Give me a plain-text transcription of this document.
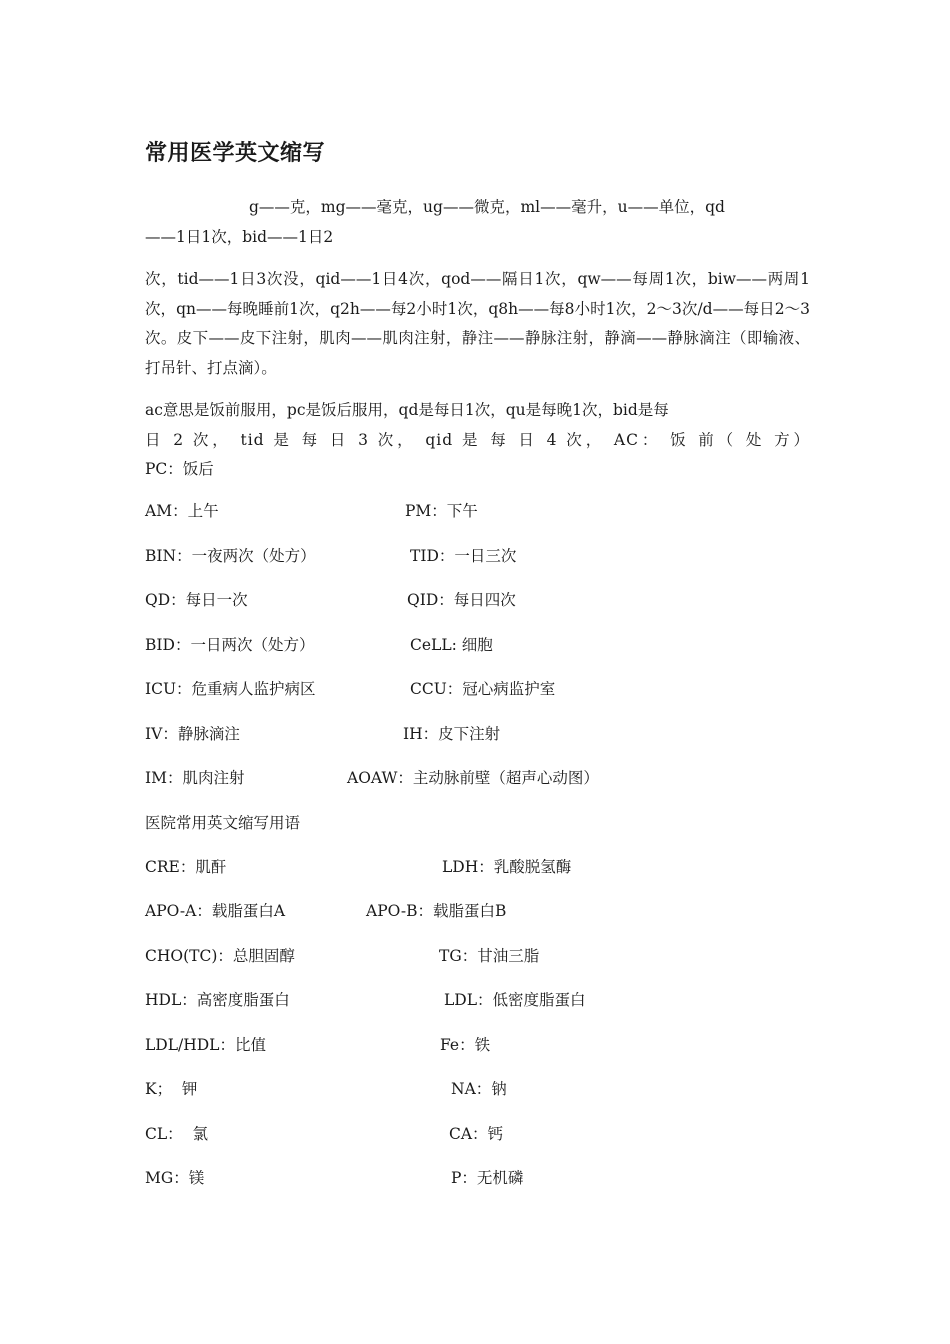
常用医学英文缩写
g——克，mg——毫克，ug——微克，ml——毫升，u——单位，qd
——1日1次，bid——1日2
次，tid——1日3次没，qid——1日4次，qod——隔日1次，qw——每周1次，biw——两周1次，qn——每晚睡前1次，q2h——每2小时1次，q8h——每8小时1次，2～3次/d——每日2～3次。皮下——皮下注射，肌肉——肌肉注射，静注——静脉注射，静滴——静脉滴注（即输液、打吊针、打点滴）。
ac意思是饭前服用，pc是饭后服用，qd是每日1次，qu是每晚1次，bid是每
日 2 次， tid 是 每 日 3 次， qid 是 每 日 4 次， AC： 饭 前（ 处 方）
PC：饭后
AM：上午	PM：下午
BIN：一夜两次（处方）	TID：一日三次
QD：每日一次	QID：每日四次
BID：一日两次（处方）	CeLL: 细胞
ICU：危重病人监护病区	CCU：冠心病监护室
IV：静脉滴注	IH：皮下注射
IM：肌肉注射	AOAW：主动脉前壁（超声心动图）
医院常用英文缩写用语
CRE：肌酐	LDH：乳酸脱氢酶
APO-A：载脂蛋白A	APO-B：载脂蛋白B
CHO(TC)：总胆固醇	TG：甘油三脂
HDL：高密度脂蛋白	LDL：低密度脂蛋白
LDL/HDL：比值	Fe：铁
K；  钾	NA：钠
CL：  氯	CA：钙
MG：镁	P：无机磷
